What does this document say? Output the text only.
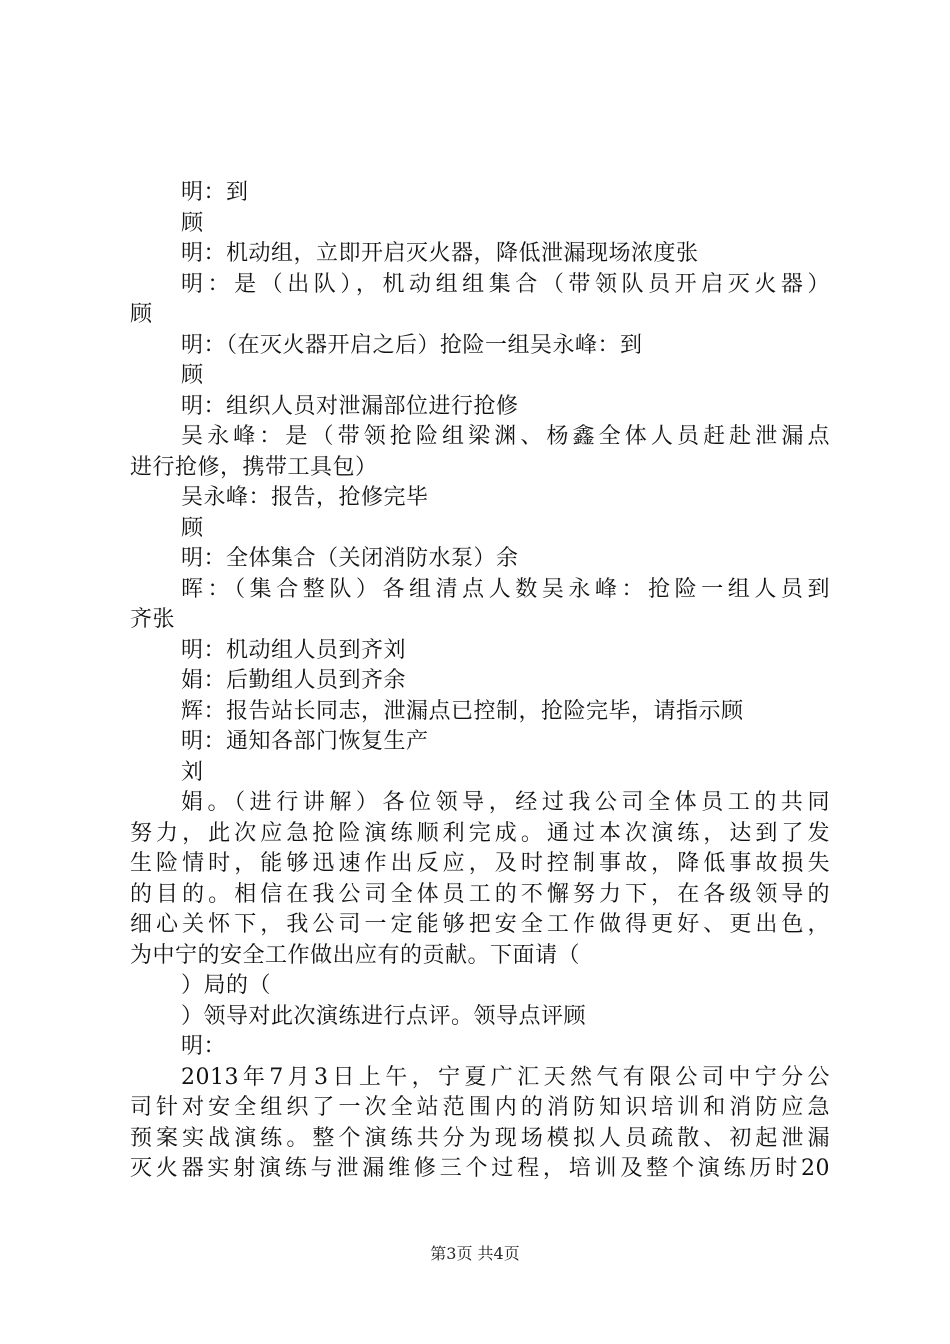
明：到
顾
明：机动组，立即开启灭火器，降低泄漏现场浓度张
明：是（出队），机动组组集合（带领队员开启灭火器）
顾
明：（在灭火器开启之后）抢险一组吴永峰：到
顾
明：组织人员对泄漏部位进行抢修
吴永峰：是（带领抢险组梁渊、杨鑫全体人员赶赴泄漏点
进行抢修，携带工具包）
吴永峰：报告，抢修完毕
顾
明：全体集合（关闭消防水泵）余
晖：（集合整队）各组清点人数吴永峰：抢险一组人员到
齐张
明：机动组人员到齐刘
娟：后勤组人员到齐余
辉：报告站长同志，泄漏点已控制，抢险完毕，请指示顾
明：通知各部门恢复生产
刘
娟。（进行讲解）各位领导，经过我公司全体员工的共同
努力，此次应急抢险演练顺利完成。通过本次演练，达到了发
生险情时，能够迅速作出反应，及时控制事故，降低事故损失
的目的。相信在我公司全体员工的不懈努力下，在各级领导的
细心关怀下，我公司一定能够把安全工作做得更好、更出色，
为中宁的安全工作做出应有的贡献。下面请（
）局的（
）领导对此次演练进行点评。领导点评顾
明：
2013年7月3日上午，宁夏广汇天然气有限公司中宁分公
司针对安全组织了一次全站范围内的消防知识培训和消防应急
预案实战演练。整个演练共分为现场模拟人员疏散、初起泄漏
灭火器实射演练与泄漏维修三个过程，培训及整个演练历时20
第3页 共4页
